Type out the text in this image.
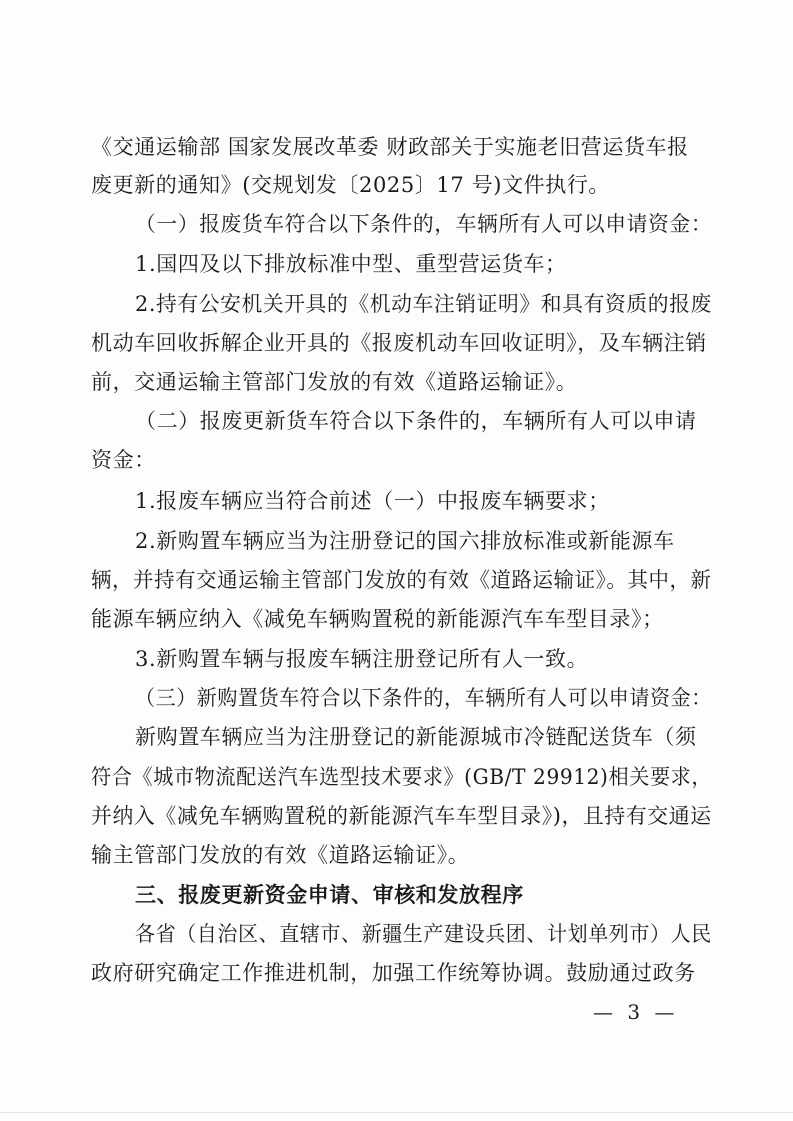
《交通运输部 国家发展改革委 财政部关于实施老旧营运货车报
废更新的通知》(交规划发〔2025〕17 号)文件执行。
（一）报废货车符合以下条件的，车辆所有人可以申请资金：
1.国四及以下排放标准中型、重型营运货车；
2.持有公安机关开具的《机动车注销证明》和具有资质的报废
机动车回收拆解企业开具的《报废机动车回收证明》，及车辆注销
前，交通运输主管部门发放的有效《道路运输证》。
（二）报废更新货车符合以下条件的，车辆所有人可以申请
资金：
1.报废车辆应当符合前述（一）中报废车辆要求；
2.新购置车辆应当为注册登记的国六排放标准或新能源车
辆，并持有交通运输主管部门发放的有效《道路运输证》。其中，新
能源车辆应纳入《减免车辆购置税的新能源汽车车型目录》；
3.新购置车辆与报废车辆注册登记所有人一致。
（三）新购置货车符合以下条件的，车辆所有人可以申请资金：
新购置车辆应当为注册登记的新能源城市冷链配送货车（须
符合《城市物流配送汽车选型技术要求》(GB/T 29912)相关要求，
并纳入《减免车辆购置税的新能源汽车车型目录》)，且持有交通运
输主管部门发放的有效《道路运输证》。
三、报废更新资金申请、审核和发放程序
各省（自治区、直辖市、新疆生产建设兵团、计划单列市）人民
政府研究确定工作推进机制，加强工作统筹协调。鼓励通过政务
— 3 —
